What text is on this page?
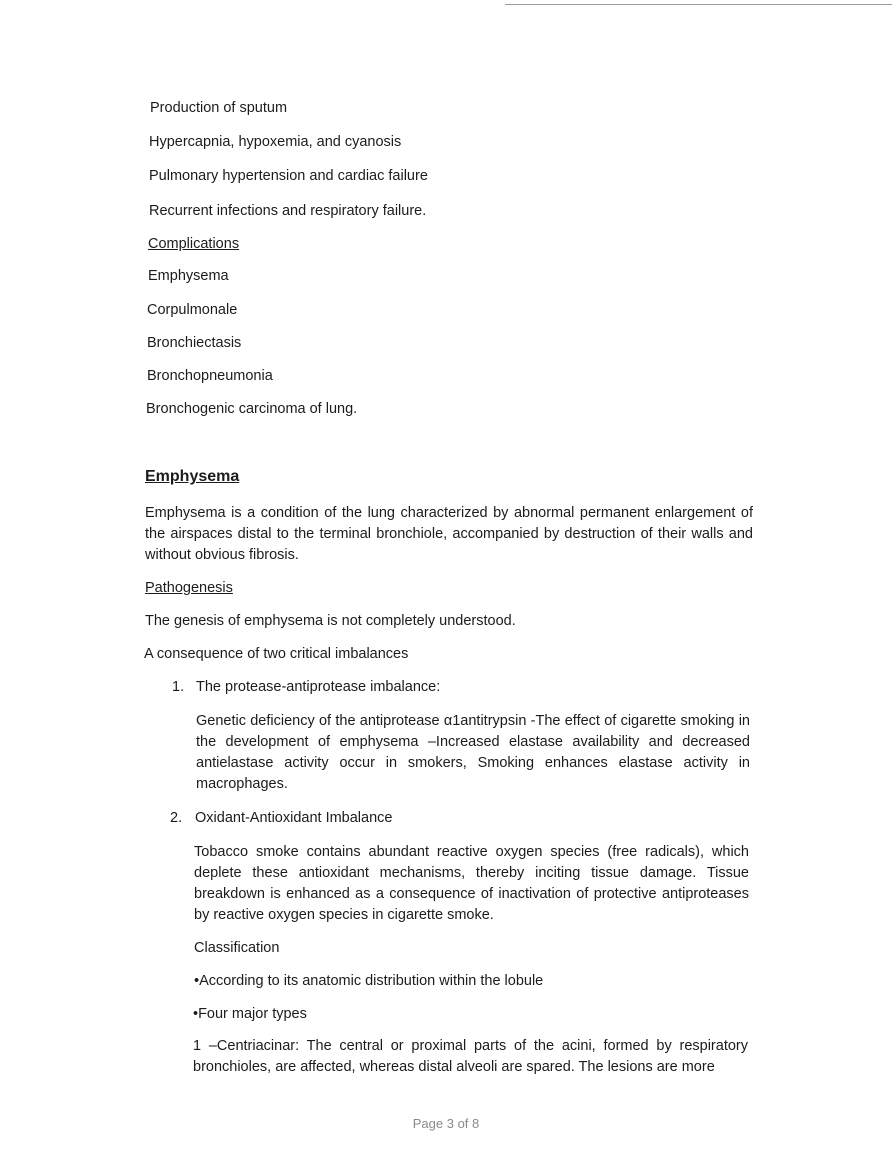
Production of sputum
Hypercapnia, hypoxemia, and cyanosis
Pulmonary hypertension and cardiac failure
Recurrent infections and respiratory failure.
Complications
Emphysema
Corpulmonale
Bronchiectasis
Bronchopneumonia
Bronchogenic carcinoma of lung.
Emphysema
Emphysema is a condition of the lung characterized by abnormal permanent enlargement of the airspaces distal to the terminal bronchiole, accompanied by destruction of their walls and without obvious fibrosis.
Pathogenesis
The genesis of emphysema is not completely understood.
A consequence of two critical imbalances
1. The protease-antiprotease imbalance:
Genetic deficiency of the antiprotease α1antitrypsin -The effect of cigarette smoking in the development of emphysema –Increased elastase availability and decreased antielastase activity occur in smokers, Smoking enhances elastase activity in macrophages.
2. Oxidant-Antioxidant Imbalance
Tobacco smoke contains abundant reactive oxygen species (free radicals), which deplete these antioxidant mechanisms, thereby inciting tissue damage. Tissue breakdown is enhanced as a consequence of inactivation of protective antiproteases by reactive oxygen species in cigarette smoke.
Classification
•According to its anatomic distribution within the lobule
•Four major types
1 –Centriacinar: The central or proximal parts of the acini, formed by respiratory bronchioles, are affected, whereas distal alveoli are spared. The lesions are more
Page 3 of 8
